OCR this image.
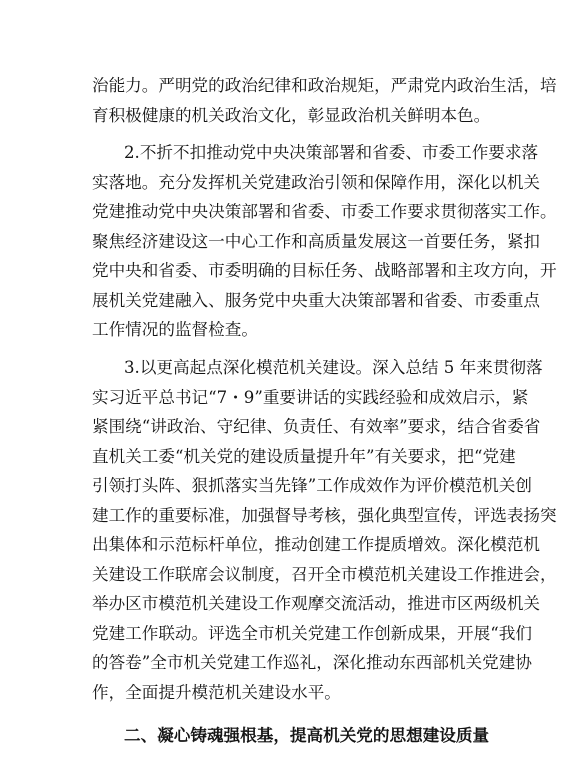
治能力。严明党的政治纪律和政治规矩，严肃党内政治生活，培
育积极健康的机关政治文化，彰显政治机关鲜明本色。
2.不折不扣推动党中央决策部署和省委、市委工作要求落
实落地。充分发挥机关党建政治引领和保障作用，深化以机关
党建推动党中央决策部署和省委、市委工作要求贯彻落实工作。
聚焦经济建设这一中心工作和高质量发展这一首要任务，紧扣
党中央和省委、市委明确的目标任务、战略部署和主攻方向，开
展机关党建融入、服务党中央重大决策部署和省委、市委重点
工作情况的监督检查。
3.以更高起点深化模范机关建设。深入总结 5 年来贯彻落
实习近平总书记“7・9”重要讲话的实践经验和成效启示，紧
紧围绕“讲政治、守纪律、负责任、有效率”要求，结合省委省
直机关工委“机关党的建设质量提升年”有关要求，把“党建
引领打头阵、狠抓落实当先锋”工作成效作为评价模范机关创
建工作的重要标准，加强督导考核，强化典型宣传，评选表扬突
出集体和示范标杆单位，推动创建工作提质增效。深化模范机
关建设工作联席会议制度，召开全市模范机关建设工作推进会，
举办区市模范机关建设工作观摩交流活动，推进市区两级机关
党建工作联动。评选全市机关党建工作创新成果，开展“我们
的答卷”全市机关党建工作巡礼，深化推动东西部机关党建协
作，全面提升模范机关建设水平。
二、凝心铸魂强根基，提高机关党的思想建设质量
